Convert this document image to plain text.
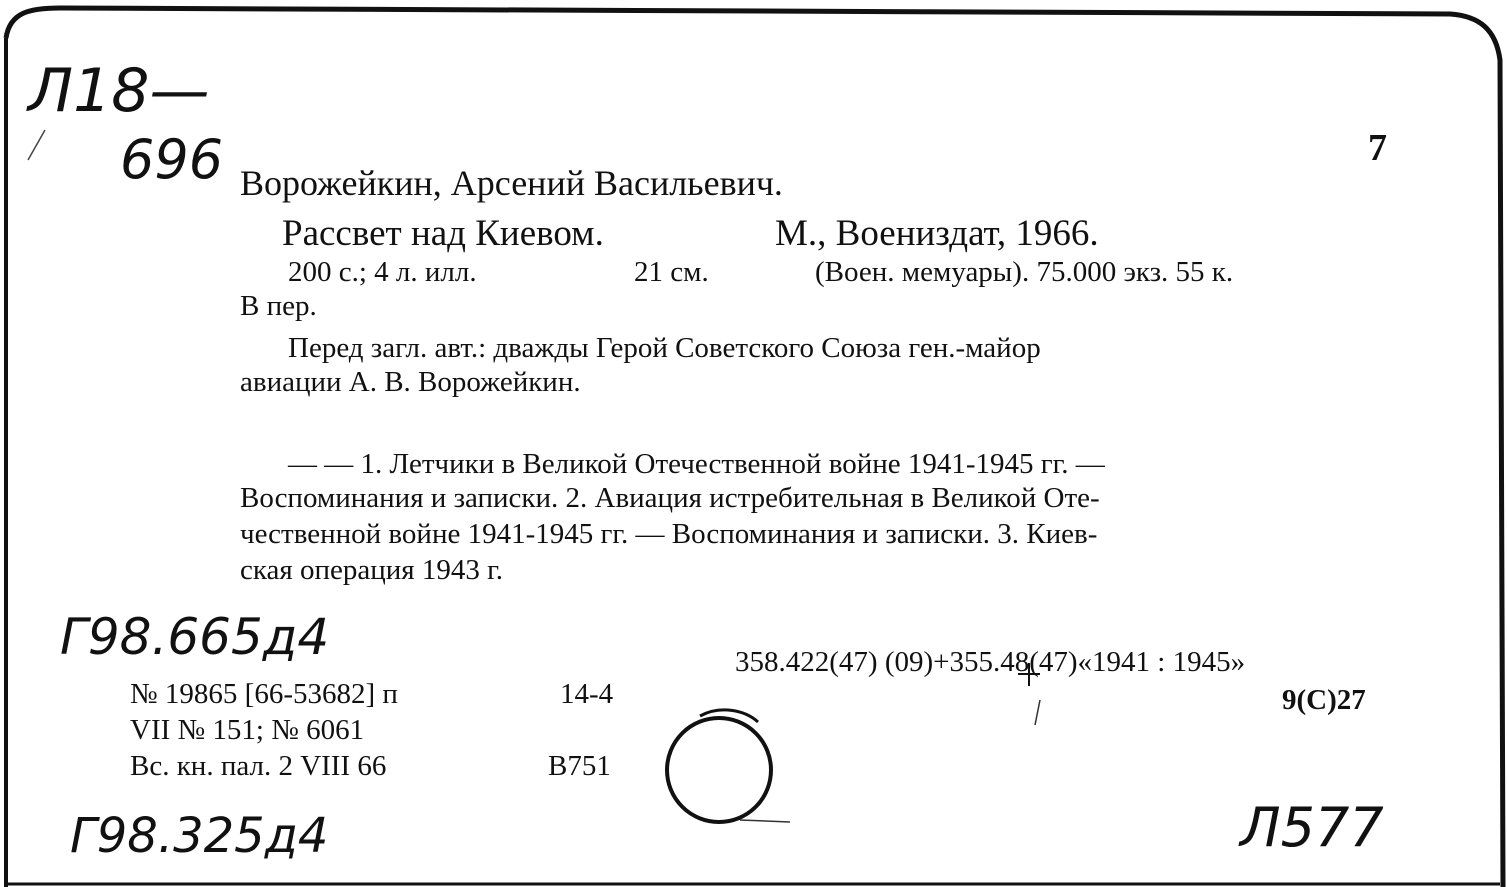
Л18—
696	7
Ворожейкин, Арсений Васильевич.
Рассвет над Киевом.	М., Воениздат, 1966.
200 с.; 4 л. илл.	21 см.	(Воен. мемуары). 75.000 экз. 55 к.
В пер.
Перед загл. авт.: дважды Герой Советского Союза ген.-майор
авиации А. В. Ворожейкин.
— — 1. Летчики в Великой Отечественной войне 1941-1945 гг. —
Воспоминания и записки. 2. Авиация истребительная в Великой Оте-
чественной войне 1941-1945 гг. — Воспоминания и записки. 3. Киев-
ская операция 1943 г.
Г98.665д4	358.422(47) (09)+355.48(47)«1941 : 1945»
9(С)27
№ 19865 [66-53682] п	14-4
VII № 151; № 6061
Вс. кн. пал. 2 VIII 66	В751
Г98.325д4	Л577
